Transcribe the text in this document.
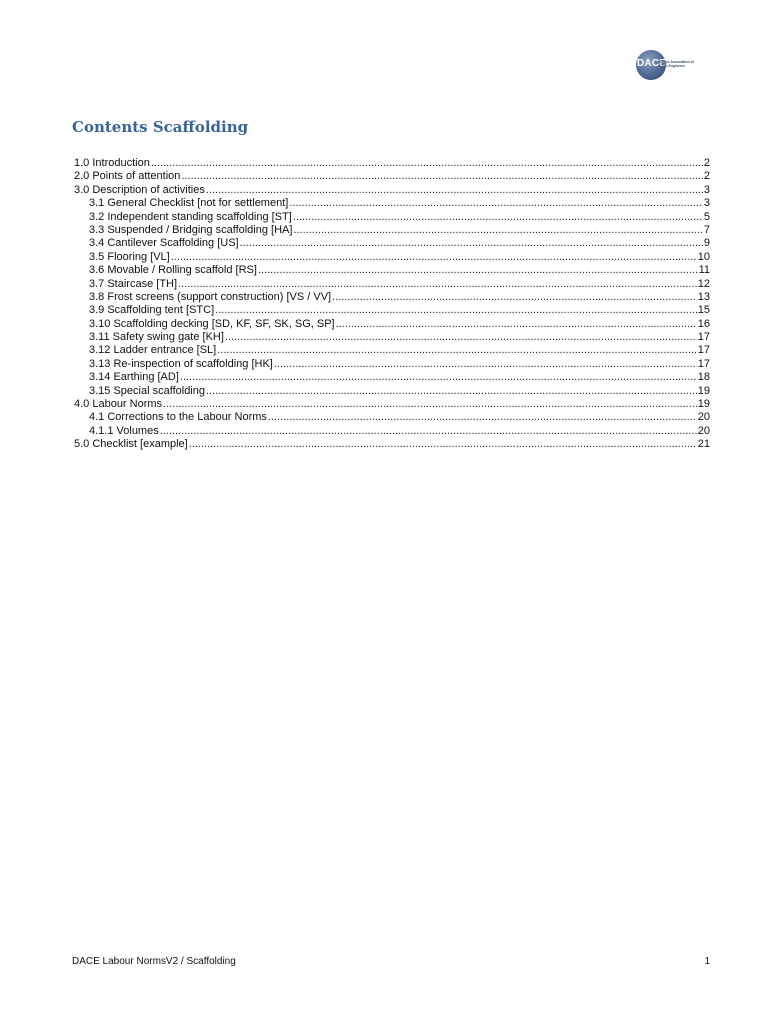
DACE
Dutch Association of
Cost Engineers
Contents Scaffolding
1.0 Introduction .....	2
2.0 Points of attention .....	2
3.0 Description of activities .....	3
3.1 General Checklist [not for settlement] .....	3
3.2 Independent standing scaffolding [ST] .....	5
3.3 Suspended / Bridging scaffolding [HA] .....	7
3.4 Cantilever Scaffolding [US] .....	9
3.5 Flooring [VL] .....	10
3.6 Movable / Rolling scaffold [RS] .....	11
3.7 Staircase [TH] .....	12
3.8 Frost screens (support construction) [VS / VV] .....	13
3.9 Scaffolding tent [STC] .....	15
3.10 Scaffolding decking [SD, KF, SF, SK, SG, SP] .....	16
3.11 Safety swing gate [KH] .....	17
3.12 Ladder entrance [SL] .....	17
3.13 Re-inspection of scaffolding [HK] .....	17
3.14 Earthing [AD] .....	18
3.15 Special scaffolding .....	19
4.0 Labour Norms .....	19
4.1 Corrections to the Labour Norms .....	20
4.1.1 Volumes .....	20
5.0 Checklist [example] .....	21
DACE Labour NormsV2 / Scaffolding	1
